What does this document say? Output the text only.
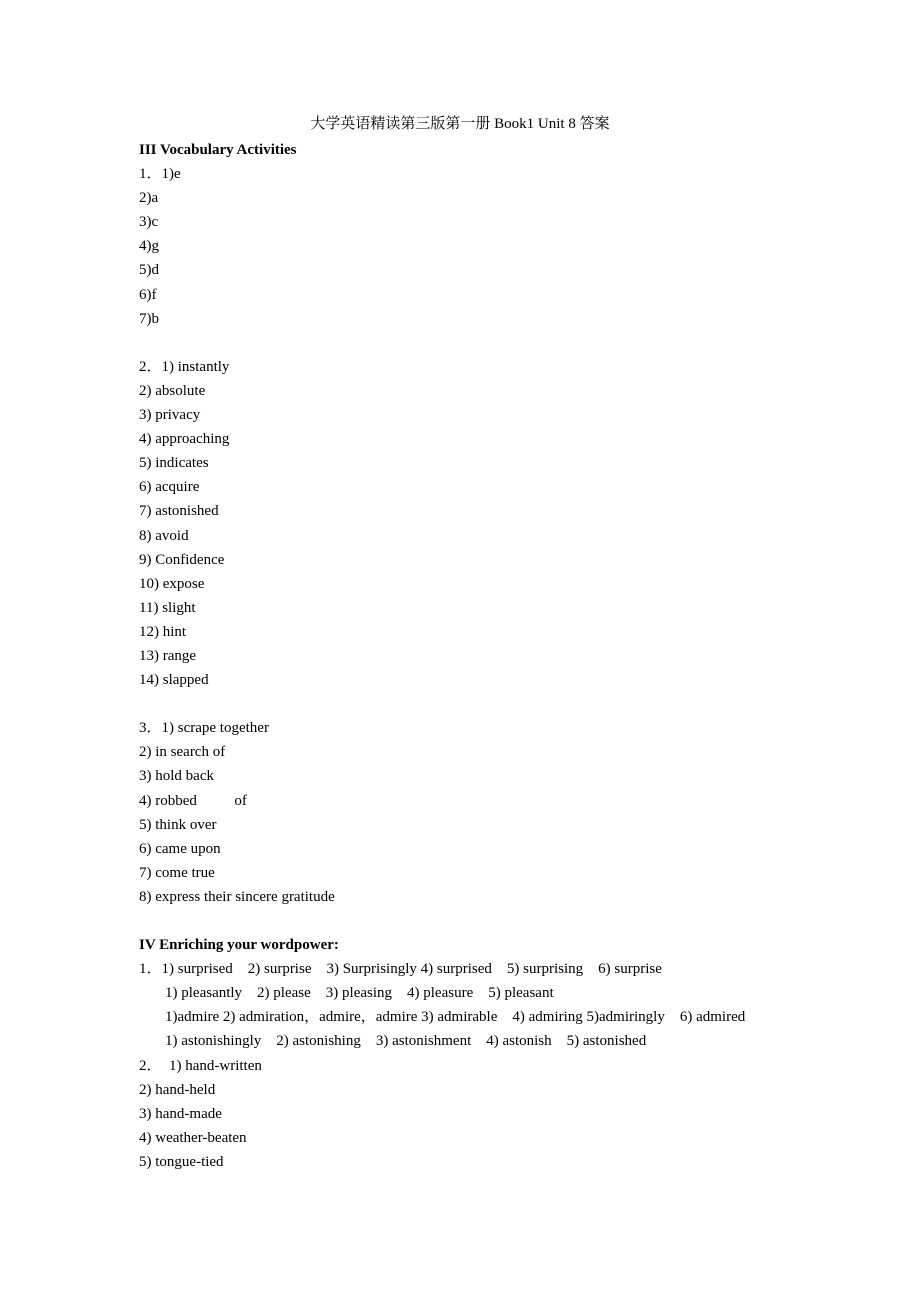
大学英语精读第三版第一册 Book1 Unit 8 答案
III Vocabulary Activities
1．1)e
2)a
3)c
4)g
5)d
6)f
7)b
2．1) instantly
2) absolute
3) privacy
4) approaching
5) indicates
6) acquire
7) astonished
8) avoid
9) Confidence
10) expose
11) slight
12) hint
13) range
14) slapped
3．1) scrape together
2) in search of
3) hold back
4) robbed          of
5) think over
6) came upon
7) come true
8) express their sincere gratitude
IV Enriching your wordpower:
1．1) surprised    2) surprise    3) Surprisingly 4) surprised    5) surprising    6) surprise
1) pleasantly    2) please    3) pleasing    4) pleasure    5) pleasant
1)admire 2) admiration，admire，admire 3) admirable    4) admiring 5)admiringly    6) admired
1) astonishingly    2) astonishing    3) astonishment    4) astonish    5) astonished
2．  1) hand-written
2) hand-held
3) hand-made
4) weather-beaten
5) tongue-tied
